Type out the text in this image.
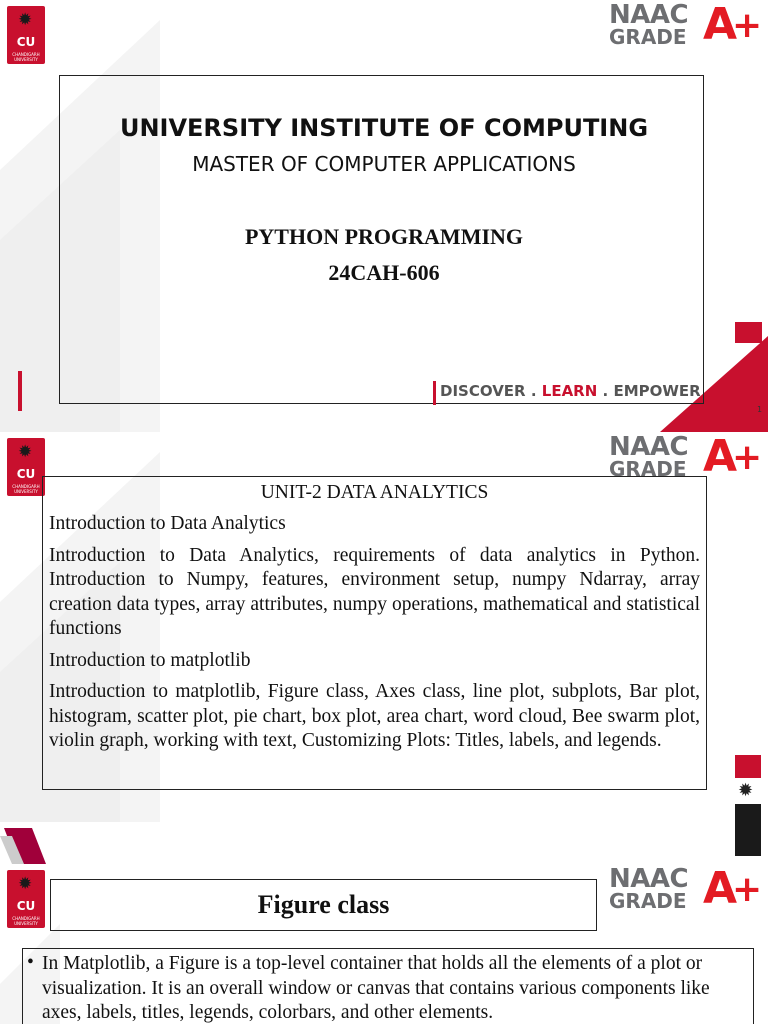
✹
CU
CHANDIGARH UNIVERSITY
NAAC
GRADE A
+
UNIVERSITY INSTITUTE OF COMPUTING
MASTER OF COMPUTER APPLICATIONS
PYTHON PROGRAMMING
24CAH-606
DISCOVER . LEARN . EMPOWER
1
✹
✹
CU
CHANDIGARH UNIVERSITY
NAAC
GRADE A
+
UNIT-2 DATA ANALYTICS

Introduction to Data Analytics

Introduction to Data Analytics, requirements of data analytics in Python. Introduction to Numpy, features, environment setup, numpy Ndarray, array creation data types, array attributes, numpy operations, mathematical and statistical functions

Introduction to matplotlib

Introduction to matplotlib, Figure class, Axes class, line plot, subplots, Bar plot, histogram, scatter plot, pie chart, box plot, area chart, word cloud, Bee swarm plot, violin graph, working with text, Customizing Plots: Titles, labels, and legends.

✹
CU
CHANDIGARH UNIVERSITY
NAAC
GRADE A
+
Figure class
• In Matplotlib, a Figure is a top-level container that holds all the elements of a plot or visualization. It is an overall window or canvas that contains various components like axes, labels, titles, legends, colorbars, and other elements.
